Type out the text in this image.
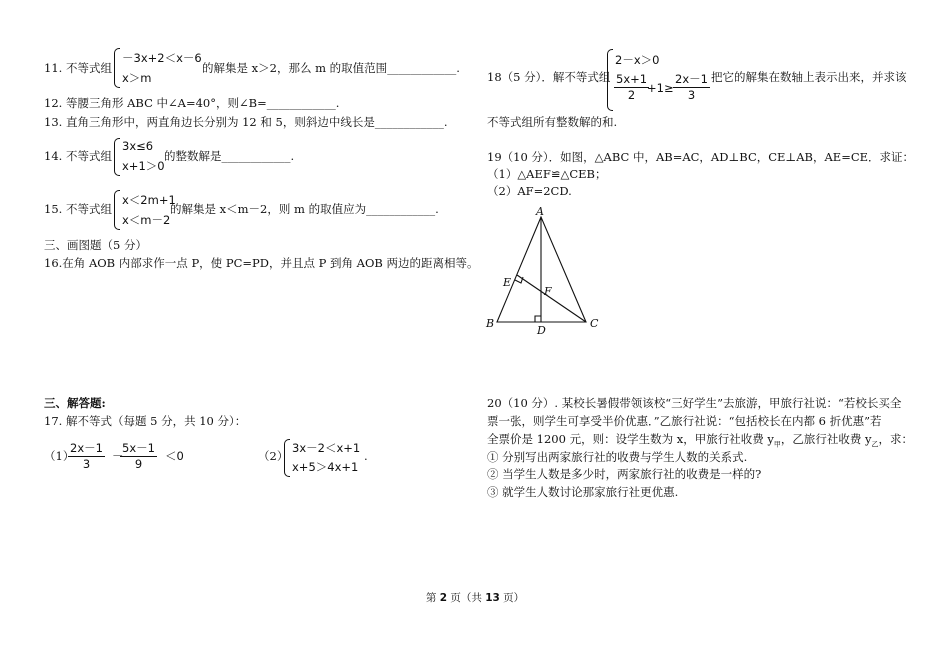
11. 不等式组
－3x+2＜x－6
x＞m
的解集是 x＞2，那么 m 的取值范围____________.
12. 等腰三角形 ABC 中∠A=40°，则∠B=____________.
13. 直角三角形中，两直角边长分别为 12 和 5，则斜边中线长是____________.
14. 不等式组
3x≤6
x+1＞0
的整数解是____________.
15. 不等式组
x＜2m+1
x＜m－2
的解集是 x＜m－2，则 m 的取值应为____________.
三、画图题（5 分）
16.在角 AOB 内部求作一点 P，使 PC=PD，并且点 P 到角 AOB 两边的距离相等。
三、解答题:
17. 解不等式（每题 5 分，共 10 分）：
（1）
$\frac{2x-1}{3}$ －
$\frac{5x-1}{9} <0$	（2）
3x－2＜x+1
x+5＞4x+1
.
18（5 分）．解不等式组
2－x＞0
$\frac{5x+1}{2}$
$+1\ge \frac{2x-1}{3}$ 把它的解集在数轴上表示出来，并求该
不等式组所有整数解的和.
19（10 分）．如图，△ABC 中，AB=AC，AD⊥BC，CE⊥AB，AE=CE．求证：
（1）△AEF≌△CEB；
（2）AF=2CD.
A
B	C
D
E
F
20（10 分）. 某校长暑假带领该校“三好学生”去旅游，甲旅行社说：“若校长买全
票一张，则学生可享受半价优惠．”乙旅行社说：“包括校长在内都 6 折优惠”若
全票价是 1200 元，则：设学生数为 x，甲旅行社收费 $y_甲$，乙旅行社收费 $y_乙$，求：
① 分别写出两家旅行社的收费与学生人数的关系式.
② 当学生人数是多少时，两家旅行社的收费是一样的?
③ 就学生人数讨论那家旅行社更优惠.
第 2 页（共 13 页）
